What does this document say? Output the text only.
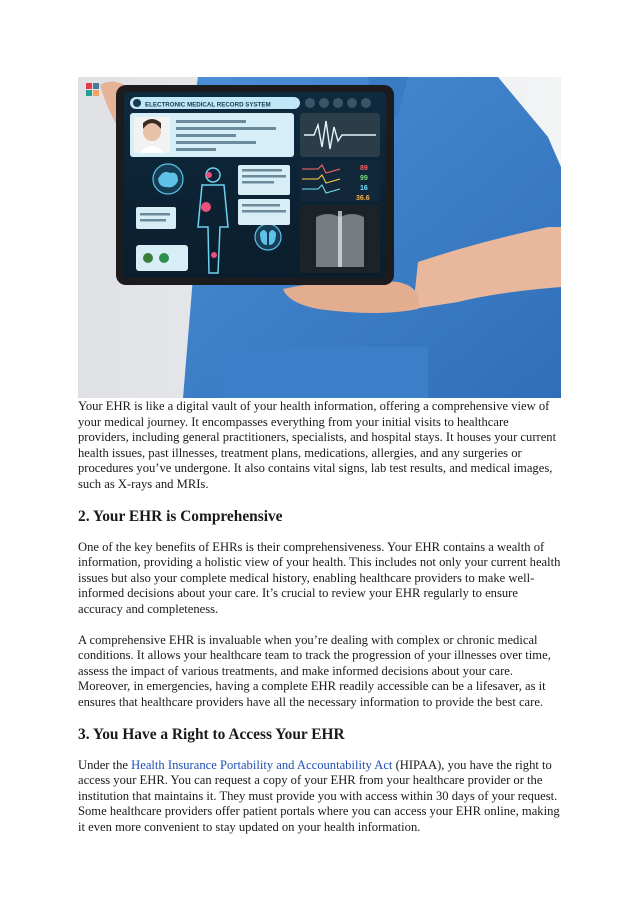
ELECTRONIC MEDICAL RECORD SYSTEM
89
99
16
36.6

Your EHR is like a digital vault of your health information, offering a comprehensive view of your medical journey. It encompasses everything from your initial visits to healthcare providers, including general practitioners, specialists, and hospital stays. It houses your current health issues, past illnesses, treatment plans, medications, allergies, and any surgeries or procedures you’ve undergone. It also contains vital signs, lab test results, and medical images, such as X-rays and MRIs.

2. Your EHR is Comprehensive

One of the key benefits of EHRs is their comprehensiveness. Your EHR contains a wealth of information, providing a holistic view of your health. This includes not only your current health issues but also your complete medical history, enabling healthcare providers to make well-informed decisions about your care. It’s crucial to review your EHR regularly to ensure accuracy and completeness.

A comprehensive EHR is invaluable when you’re dealing with complex or chronic medical conditions. It allows your healthcare team to track the progression of your illnesses over time, assess the impact of various treatments, and make informed decisions about your care. Moreover, in emergencies, having a complete EHR readily accessible can be a lifesaver, as it ensures that healthcare providers have all the necessary information to provide the best care.

3. You Have a Right to Access Your EHR

Under the Health Insurance Portability and Accountability Act (HIPAA), you have the right to access your EHR. You can request a copy of your EHR from your healthcare provider or the institution that maintains it. They must provide you with access within 30 days of your request. Some healthcare providers offer patient portals where you can access your EHR online, making it even more convenient to stay updated on your health information.
